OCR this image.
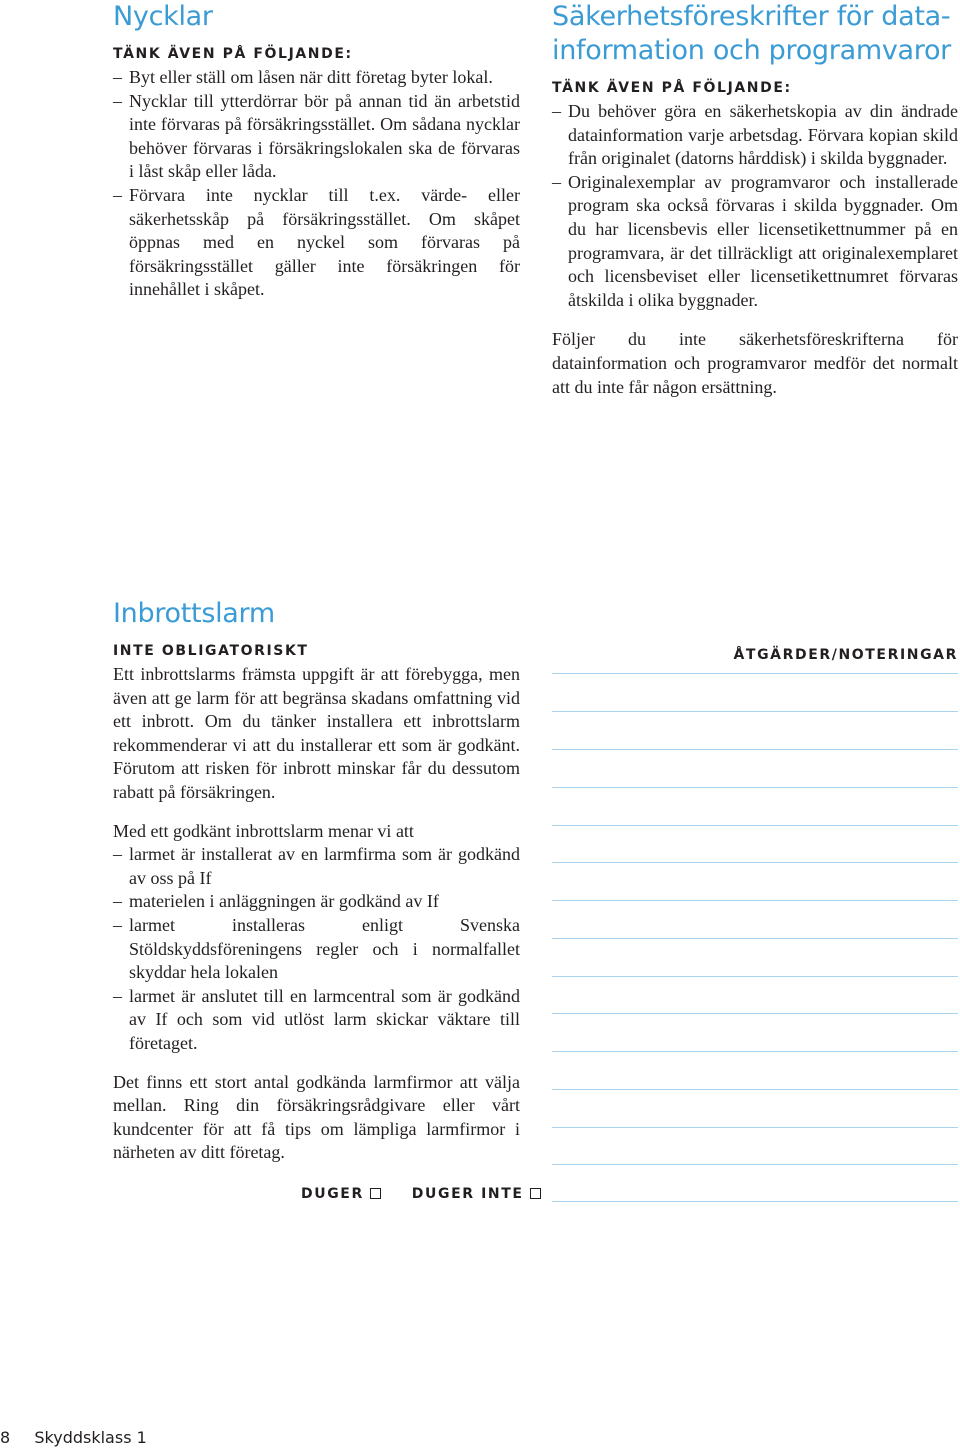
Nycklar
TÄNK ÄVEN PÅ FÖLJANDE:
– Byt eller ställ om låsen när ditt företag byter lokal.
– Nycklar till ytterdörrar bör på annan tid än arbetstid inte förvaras på försäkringsstället. Om sådana nycklar behöver förvaras i försäkringslokalen ska de förvaras i låst skåp eller låda.
– Förvara inte nycklar till t.ex. värde- eller säkerhetsskåp på försäkringsstället. Om skåpet öppnas med en nyckel som förvaras på försäkringsstället gäller inte försäkringen för innehållet i skåpet.
Säkerhetsföreskrifter för data-
information och programvaror
TÄNK ÄVEN PÅ FÖLJANDE:
– Du behöver göra en säkerhetskopia av din ändrade datainformation varje arbetsdag. Förvara kopian skild från originalet (datorns hårddisk) i skilda byggnader.
– Originalexemplar av programvaror och installerade program ska också förvaras i skilda byggnader. Om du har licensbevis eller licensetikettnummer på en programvara, är det tillräckligt att originalexemplaret och licensbeviset eller licensetikettnumret förvaras åtskilda i olika byggnader.

Följer du inte säkerhetsföreskrifterna för datainformation och programvaror medför det normalt att du inte får någon ersättning.

Inbrottslarm
INTE OBLIGATORISKT

Ett inbrottslarms främsta uppgift är att förebygga, men även att ge larm för att begränsa skadans omfattning vid ett inbrott. Om du tänker installera ett inbrottslarm rekommenderar vi att du installerar ett som är godkänt. Förutom att risken för inbrott minskar får du dessutom rabatt på försäkringen.

Med ett godkänt inbrottslarm menar vi att

– larmet är installerat av en larmfirma som är godkänd av oss på If
– materielen i anläggningen är godkänd av If
– larmet installeras enligt Svenska Stöldskyddsföreningens regler och i normalfallet skyddar hela lokalen
– larmet är anslutet till en larmcentral som är godkänd av If och som vid utlöst larm skickar väktare till företaget.

Det finns ett stort antal godkända larmfirmor att välja mellan. Ring din försäkringsrådgivare eller vårt kundcenter för att få tips om lämpliga larmfirmor i närheten av ditt företag.

DUGER	DUGER INTE
ÅTGÄRDER/NOTERINGAR
8 Skyddsklass 1
